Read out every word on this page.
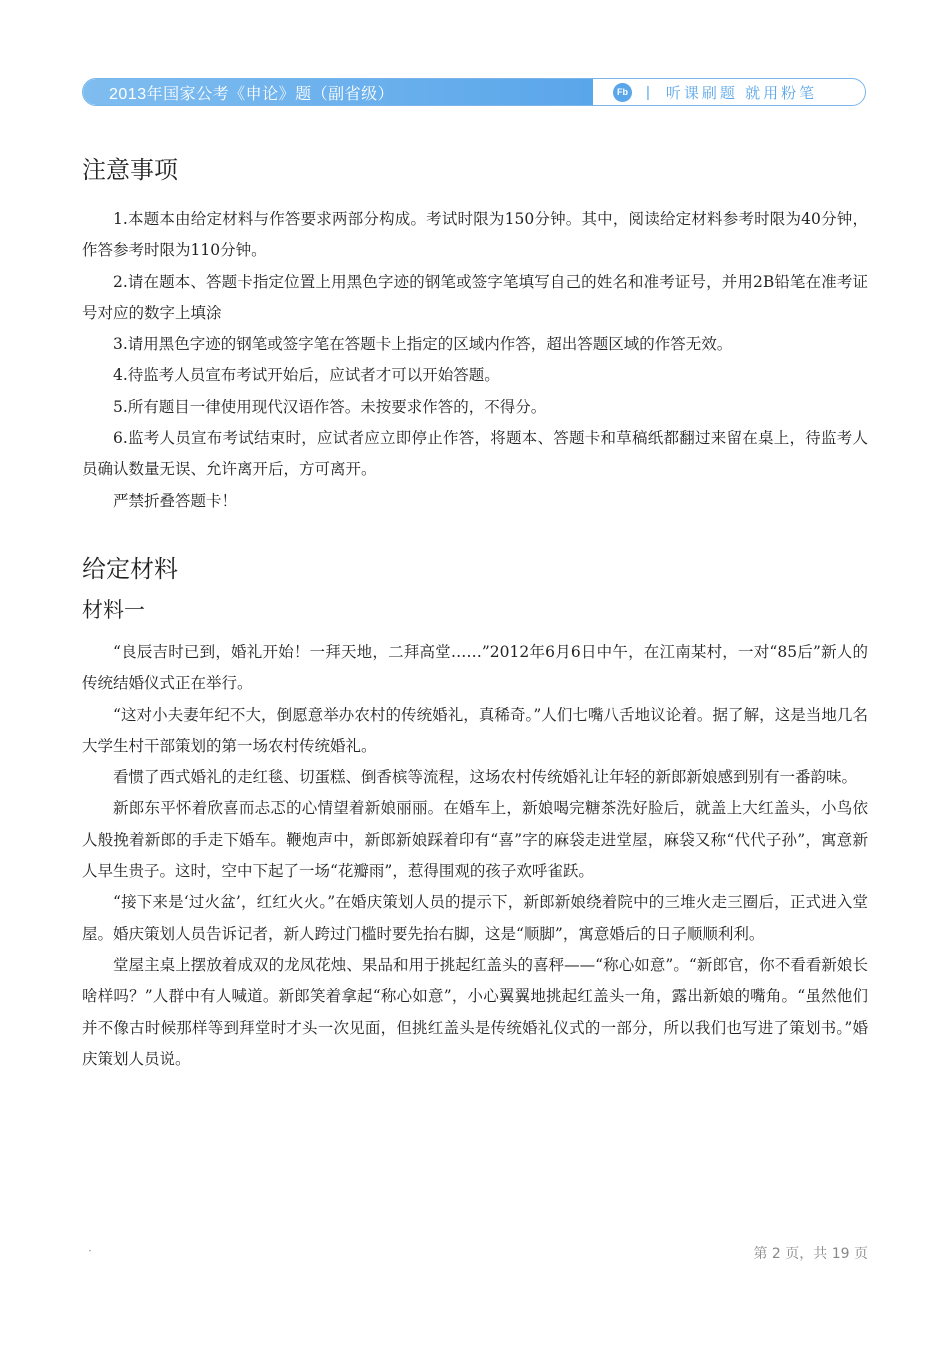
2013年国家公考《申论》题（副省级）	Fb | 听课刷题 就用粉笔
注意事项

1.本题本由给定材料与作答要求两部分构成。考试时限为150分钟。其中，阅读给定材料参考时限为40分钟，作答参考时限为110分钟。

2.请在题本、答题卡指定位置上用黑色字迹的钢笔或签字笔填写自己的姓名和准考证号，并用2B铅笔在准考证号对应的数字上填涂

3.请用黑色字迹的钢笔或签字笔在答题卡上指定的区域内作答，超出答题区域的作答无效。

4.待监考人员宣布考试开始后，应试者才可以开始答题。

5.所有题目一律使用现代汉语作答。未按要求作答的，不得分。

6.监考人员宣布考试结束时，应试者应立即停止作答，将题本、答题卡和草稿纸都翻过来留在桌上，待监考人员确认数量无误、允许离开后，方可离开。

严禁折叠答题卡！

给定材料
材料一

“良辰吉时已到，婚礼开始！一拜天地，二拜高堂……”2012年6月6日中午，在江南某村，一对“85后”新人的传统结婚仪式正在举行。

“这对小夫妻年纪不大，倒愿意举办农村的传统婚礼，真稀奇。”人们七嘴八舌地议论着。据了解，这是当地几名大学生村干部策划的第一场农村传统婚礼。

看惯了西式婚礼的走红毯、切蛋糕、倒香槟等流程，这场农村传统婚礼让年轻的新郎新娘感到别有一番韵味。

新郎东平怀着欣喜而忐忑的心情望着新娘丽丽。在婚车上，新娘喝完糖茶洗好脸后，就盖上大红盖头，小鸟依人般挽着新郎的手走下婚车。鞭炮声中，新郎新娘踩着印有“喜”字的麻袋走进堂屋，麻袋又称“代代子孙”，寓意新人早生贵子。这时，空中下起了一场“花瓣雨”，惹得围观的孩子欢呼雀跃。

“接下来是‘过火盆’，红红火火。”在婚庆策划人员的提示下，新郎新娘绕着院中的三堆火走三圈后，正式进入堂屋。婚庆策划人员告诉记者，新人跨过门槛时要先抬右脚，这是“顺脚”，寓意婚后的日子顺顺利利。

堂屋主桌上摆放着成双的龙凤花烛、果品和用于挑起红盖头的喜秤——“称心如意”。“新郎官，你不看看新娘长啥样吗？”人群中有人喊道。新郎笑着拿起“称心如意”，小心翼翼地挑起红盖头一角，露出新娘的嘴角。“虽然他们并不像古时候那样等到拜堂时才头一次见面，但挑红盖头是传统婚礼仪式的一部分，所以我们也写进了策划书。”婚庆策划人员说。

·	第 2 页，共 19 页
